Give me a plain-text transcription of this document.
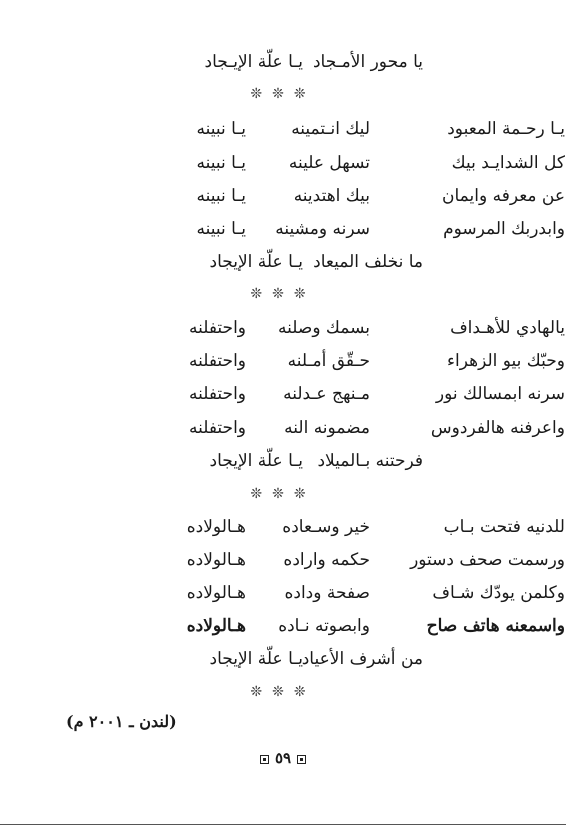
يا محور الأمـجاد
يـا علّة الإيـجاد
❊❊❊
يـا رحـمة المعبود
ليك انـتمينه
يـا نبينه
كل الشدايـد بيك
تسهل علينه
يـا نبينه
عن معرفه وايمان
بيك اهتدينه
يـا نبينه
وابدربك المرسوم
سرنه ومشينه
يـا نبينه
ما نخلف الميعاد
يـا علّة الإيجاد
❊❊❊
يالهادي للأهـداف
بسمك وصلنه
واحتفلنه
وحبّك بيو الزهراء
حـقّق أمـلنه
واحتفلنه
سرنه ابمسالك نور
مـنهج عـدلنه
واحتفلنه
واعرفنه هالفردوس
مضمونه النه
واحتفلنه
فرحتنه بـالميلاد
يـا علّة الإيجاد
❊❊❊
للدنيه فتحت بـاب
خير وسـعاده
هـالولاده
ورسمت صحف دستور
حكمه واراده
هـالولاده
وكلمن يودّك شـاف
صفحة وداده
هـالولاده
واسمعنه هاتف صاح
وابصوته نـاده
هـالولاده
من أشرف الأعياد
يـا علّة الإيجاد
❊❊❊
(لندن ـ ٢٠٠١ م)
٥٩
